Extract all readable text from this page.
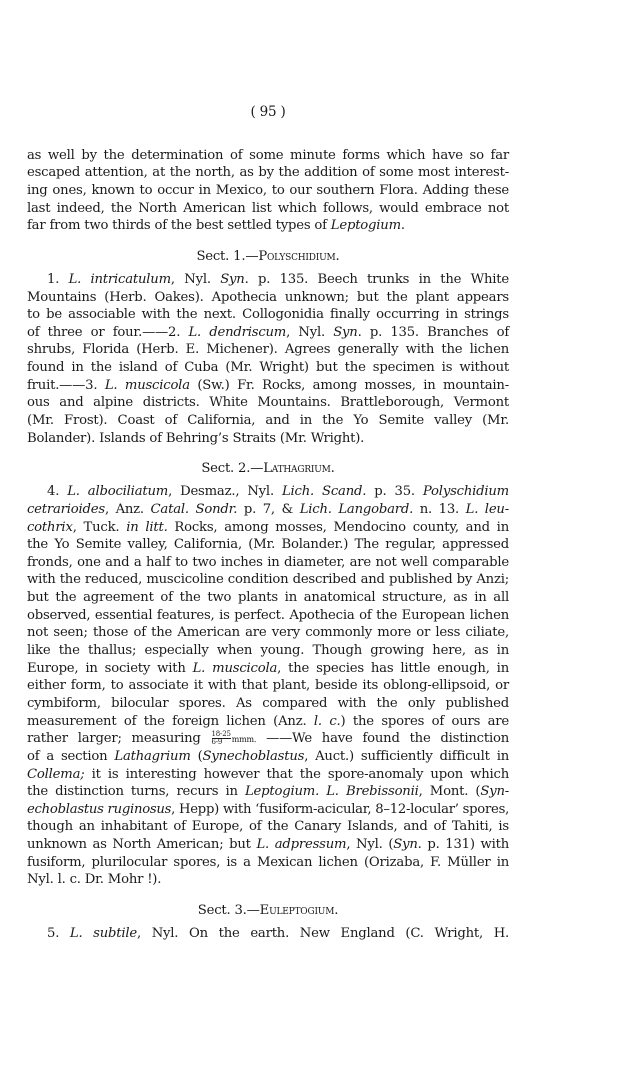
( 95 )
as well by the determination of some minute forms which have so far
escaped attention, at the north, as by the addition of some most interest-
ing ones, known to occur in Mexico, to our southern Flora. Adding these
last indeed, the North American list which follows, would embrace not
far from two thirds of the best settled types of Leptogium.
Sect. 1.—Polyschidium.
1. L. intricatulum, Nyl. Syn. p. 135. Beech trunks in the White
Mountains (Herb. Oakes). Apothecia unknown; but the plant appears
to be associable with the next. Collogonidia finally occurring in strings
of three or four.——2. L. dendriscum, Nyl. Syn. p. 135. Branches of
shrubs, Florida (Herb. E. Michener). Agrees generally with the lichen
found in the island of Cuba (Mr. Wright) but the specimen is without
fruit.——3. L. muscicola (Sw.) Fr. Rocks, among mosses, in mountain-
ous and alpine districts. White Mountains. Brattleborough, Vermont
(Mr. Frost). Coast of California, and in the Yo Semite valley (Mr.
Bolander). Islands of Behring’s Straits (Mr. Wright).
Sect. 2.—Lathagrium.
4. L. albociliatum, Desmaz., Nyl. Lich. Scand. p. 35. Polyschidium
cetrarioides, Anz. Catal. Sondr. p. 7, & Lich. Langobard. n. 13. L. leu-
cothrix, Tuck. in litt. Rocks, among mosses, Mendocino county, and in
the Yo Semite valley, California, (Mr. Bolander.) The regular, appressed
fronds, one and a half to two inches in diameter, are not well comparable
with the reduced, muscicoline condition described and published by Anzi;
but the agreement of the two plants in anatomical structure, as in all
observed, essential features, is perfect. Apothecia of the European lichen
not seen; those of the American are very commonly more or less ciliate,
like the thallus; especially when young. Though growing here, as in
Europe, in society with L. muscicola, the species has little enough, in
either form, to associate it with that plant, beside its oblong-ellipsoid, or
cymbiform, bilocular spores. As compared with the only published
measurement of the foreign lichen (Anz. l. c.) the spores of ours are
rather larger; measuring $\frac{18-25}{6-9}$ mmm. ——We have found the distinction
of a section Lathagrium (Synechoblastus, Auct.) sufficiently difficult in
Collema; it is interesting however that the spore-anomaly upon which
the distinction turns, recurs in Leptogium. L. Brebissonii, Mont. (Syn-
echoblastus ruginosus, Hepp) with ‘fusiform-acicular, 8–12-locular’ spores,
though an inhabitant of Europe, of the Canary Islands, and of Tahiti, is
unknown as North American; but L. adpressum, Nyl. (Syn. p. 131) with
fusiform, plurilocular spores, is a Mexican lichen (Orizaba, F. Müller in
Nyl. l. c. Dr. Mohr !).
Sect. 3.—Euleptogium.
5. L. subtile, Nyl. On the earth. New England (C. Wright, H.
